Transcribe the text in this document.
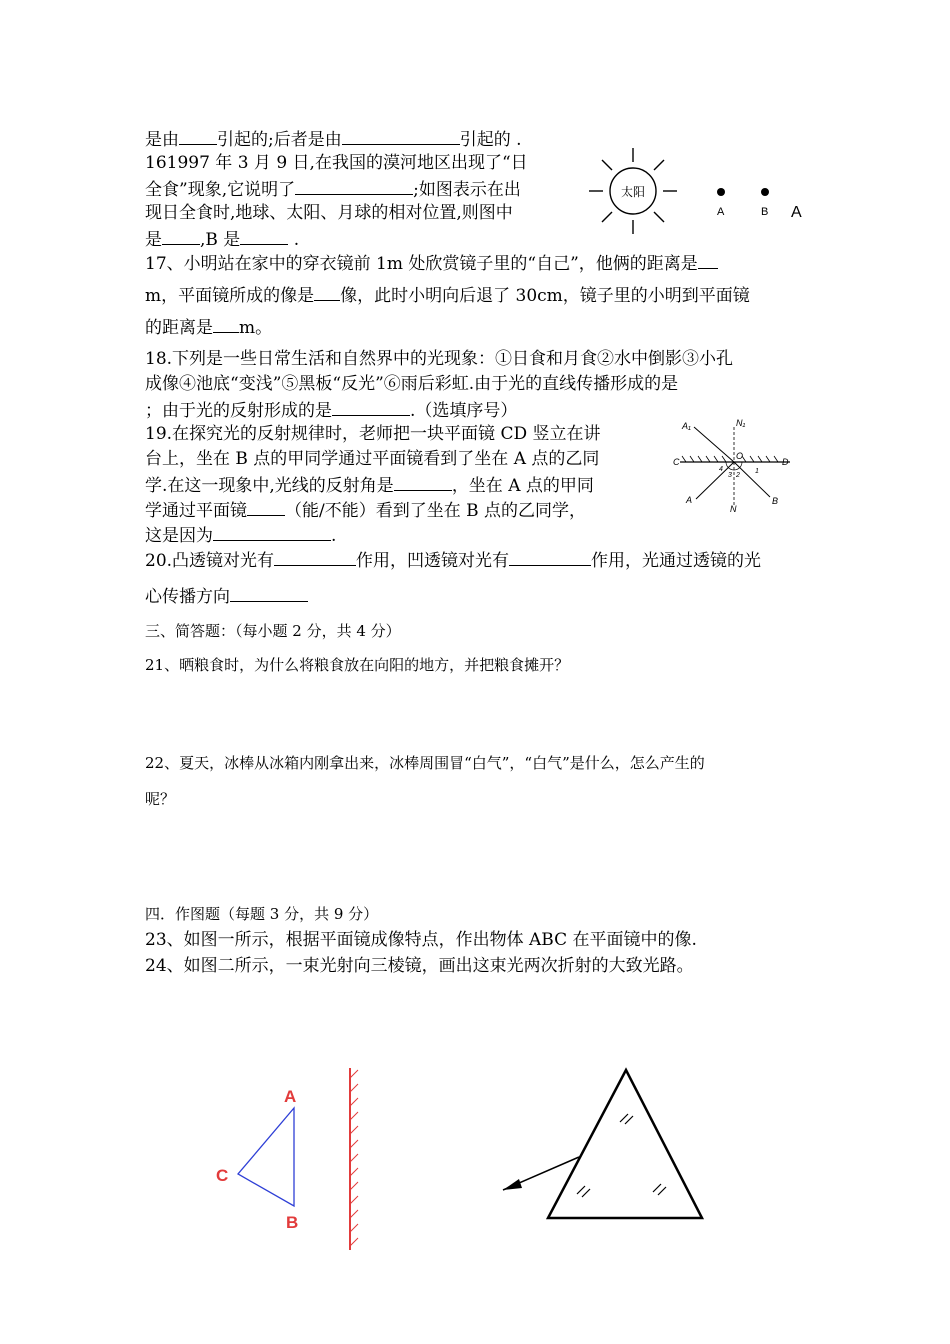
是由 引起的;后者是由	引起的 .
161997 年 3 月 9 日,在我国的漠河地区出现了“日
全食”现象,它说明了	;如图表示在出
现日全食时,地球、太阳、月球的相对位置,则图中
是 ,B 是	.
太阳
A	B A
17、小明站在家中的穿衣镜前 1m 处欣赏镜子里的“自己”，他俩的距离是
m，平面镜所成的像是 像，此时小明向后退了 30cm，镜子里的小明到平面镜
的距离是 m。
18.下列是一些日常生活和自然界中的光现象：①日食和月食②水中倒影③小孔
成像④池底“变浅”⑤黑板“反光”⑥雨后彩虹.由于光的直线传播形成的是
；由于光的反射形成的是	.（选填序号）
19.在探究光的反射规律时，老师把一块平面镜 CD 竖立在讲
台上，坐在 B 点的甲同学通过平面镜看到了坐在 A 点的乙同
学.在这一现象中,光线的反射角是	，坐在 A 点的甲同
学通过平面镜 （能/不能）看到了坐在 B 点的乙同学，
这是因为	.
A₁	N₁
C
O
D
A
N
B
1
2
3
4
20.凸透镜对光有	作用，凹透镜对光有	作用，光通过透镜的光
心传播方向
三、简答题：（每小题 2 分，共 4 分）
21、晒粮食时，为什么将粮食放在向阳的地方，并把粮食摊开？
22、夏天，冰棒从冰箱内刚拿出来，冰棒周围冒“白气”，“白气”是什么，怎么产生的
呢？
四．作图题（每题 3 分，共 9 分）
23、如图一所示，根据平面镜成像特点，作出物体 ABC 在平面镜中的像.
24、如图二所示，一束光射向三棱镜，画出这束光两次折射的大致光路。
A
B
C
